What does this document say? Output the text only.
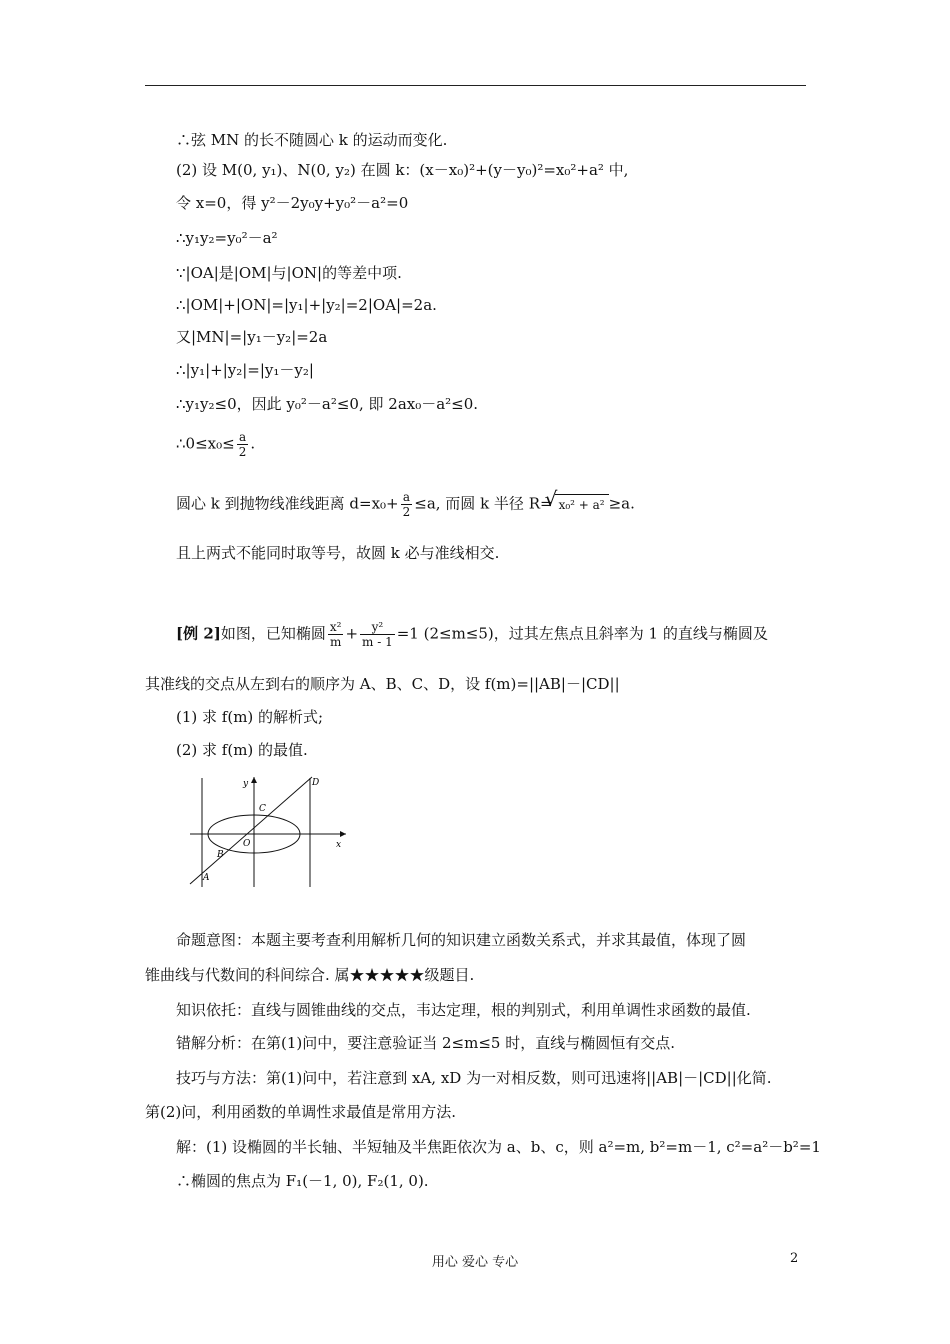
∴弦 MN 的长不随圆心 k 的运动而变化.
(2) 设 M(0, y₁)、N(0, y₂) 在圆 k：(x－x₀)²+(y－y₀)²=x₀²+a² 中,
令 x=0，得 y²－2y₀y+y₀²－a²=0
∴y₁y₂=y₀²－a²
∵|OA|是|OM|与|ON|的等差中项.
∴|OM|+|ON|=|y₁|+|y₂|=2|OA|=2a.
又|MN|=|y₁－y₂|=2a
∴|y₁|+|y₂|=|y₁－y₂|
∴y₁y₂≤0，因此 y₀²－a²≤0, 即 2ax₀－a²≤0.
∴0≤x₀≤ $\frac{a}{2}$ .
圆心 k 到抛物线准线距离 $d=x_0+ \frac{a}{2} \le a$, 而圆 k 半径 R=√ x₀² + a² ≥a.
且上两式不能同时取等号，故圆 k 必与准线相交.
[例 2]如图，已知椭圆 $\frac{\text{x²}}{m} + \frac{\text{y²}}{m - 1} =1$ (2≤m≤5)，过其左焦点且斜率为 1 的直线与椭圆及
其准线的交点从左到右的顺序为 A、B、C、D，设 f(m)=||AB|－|CD||
(1) 求 f(m) 的解析式;
(2) 求 f(m) 的最值.
x
y
O
A
B
C
D
命题意图：本题主要考查利用解析几何的知识建立函数关系式，并求其最值，体现了圆
锥曲线与代数间的科间综合. 属★★★★★级题目.
知识依托：直线与圆锥曲线的交点，韦达定理，根的判别式，利用单调性求函数的最值.
错解分析：在第(1)问中，要注意验证当 2≤m≤5 时，直线与椭圆恒有交点.
技巧与方法：第(1)问中，若注意到 xA, xD 为一对相反数，则可迅速将||AB|－|CD||化简.
第(2)问，利用函数的单调性求最值是常用方法.
解：(1) 设椭圆的半长轴、半短轴及半焦距依次为 a、b、c，则 a²=m, b²=m－1, c²=a²－b²=1
∴椭圆的焦点为 F₁(－1, 0), F₂(1, 0).
用心 爱心 专心	2
